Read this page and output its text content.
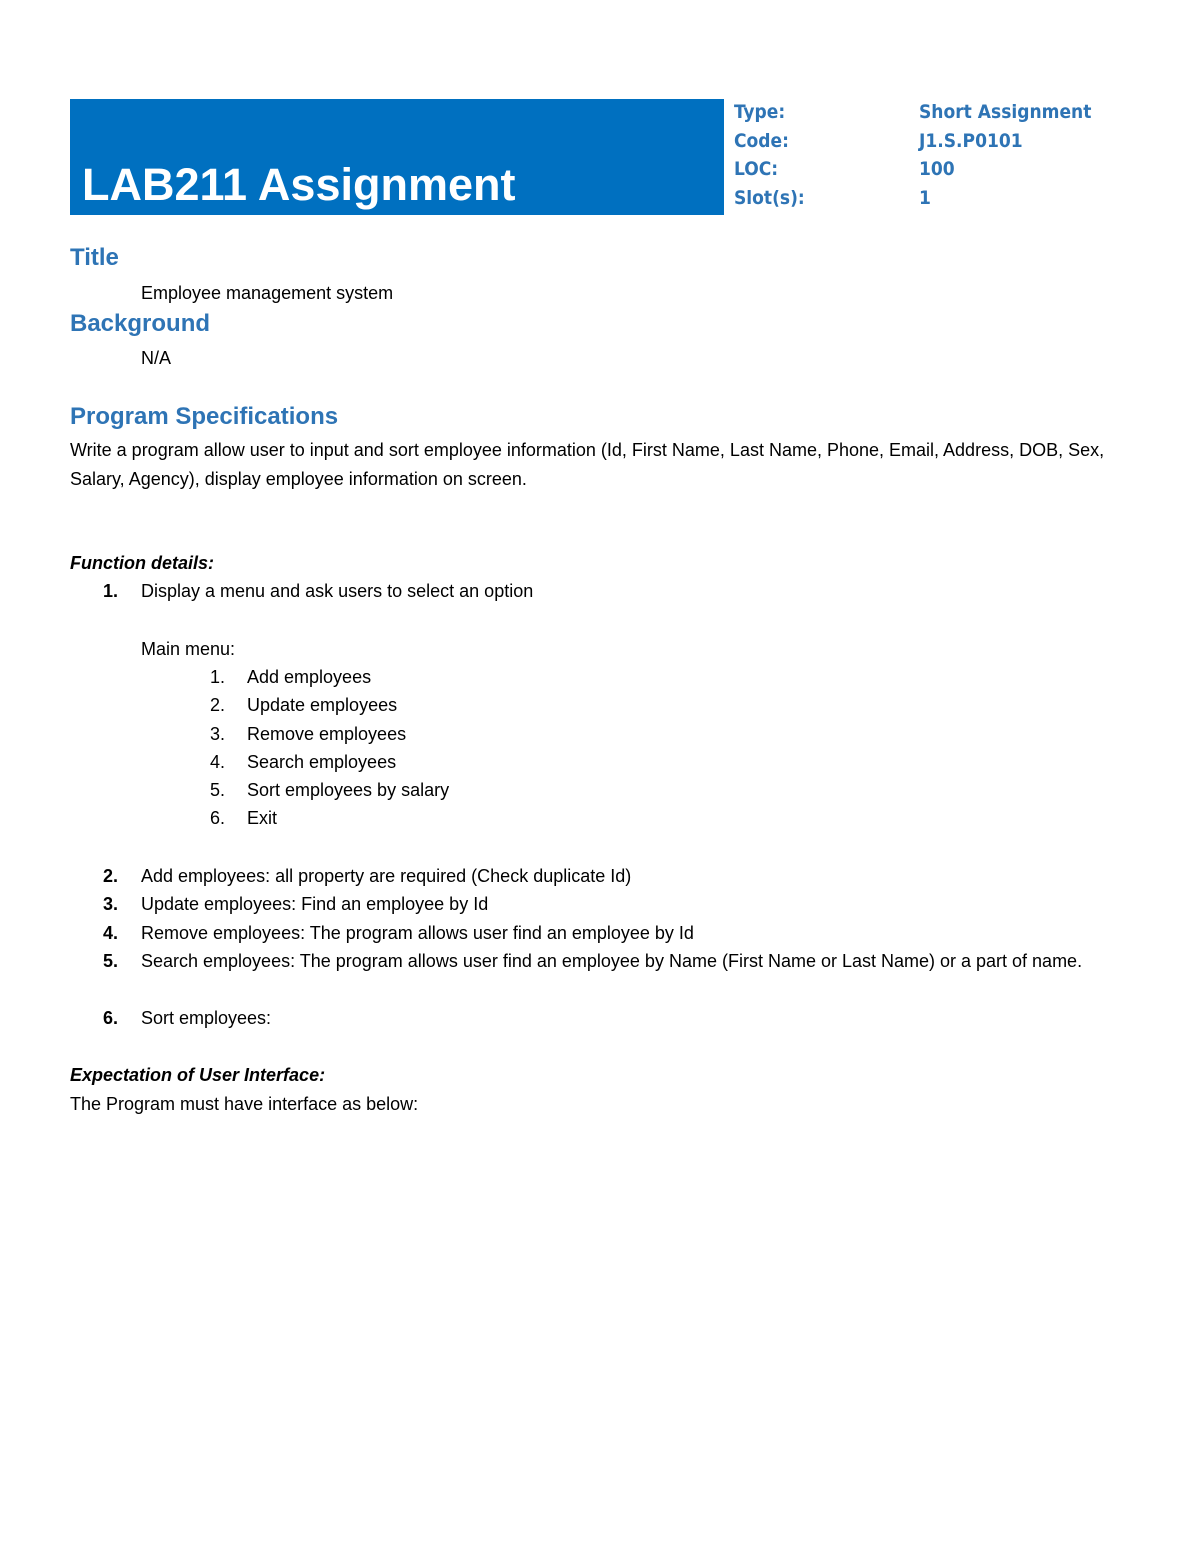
LAB211 Assignment
Type:	Short Assignment
Code:	J1.S.P0101
LOC:	100
Slot(s):	1
Title
Employee management system
Background
N/A
Program Specifications
Write a program allow user to input and sort employee information (Id, First Name, Last Name, Phone, Email, Address, DOB, Sex, Salary, Agency), display employee information on screen.
Function details:
1. Display a menu and ask users to select an option
Main menu:
1. Add employees
2. Update employees
3. Remove employees
4. Search employees
5. Sort employees by salary
6. Exit
2. Add employees: all property are required (Check duplicate Id)
3. Update employees: Find an employee by Id
4. Remove employees: The program allows user find an employee by Id
5. Search employees: The program allows user find an employee by Name (First Name or Last Name) or a part of name.
6. Sort employees:
Expectation of User Interface:
The Program must have interface as below:
